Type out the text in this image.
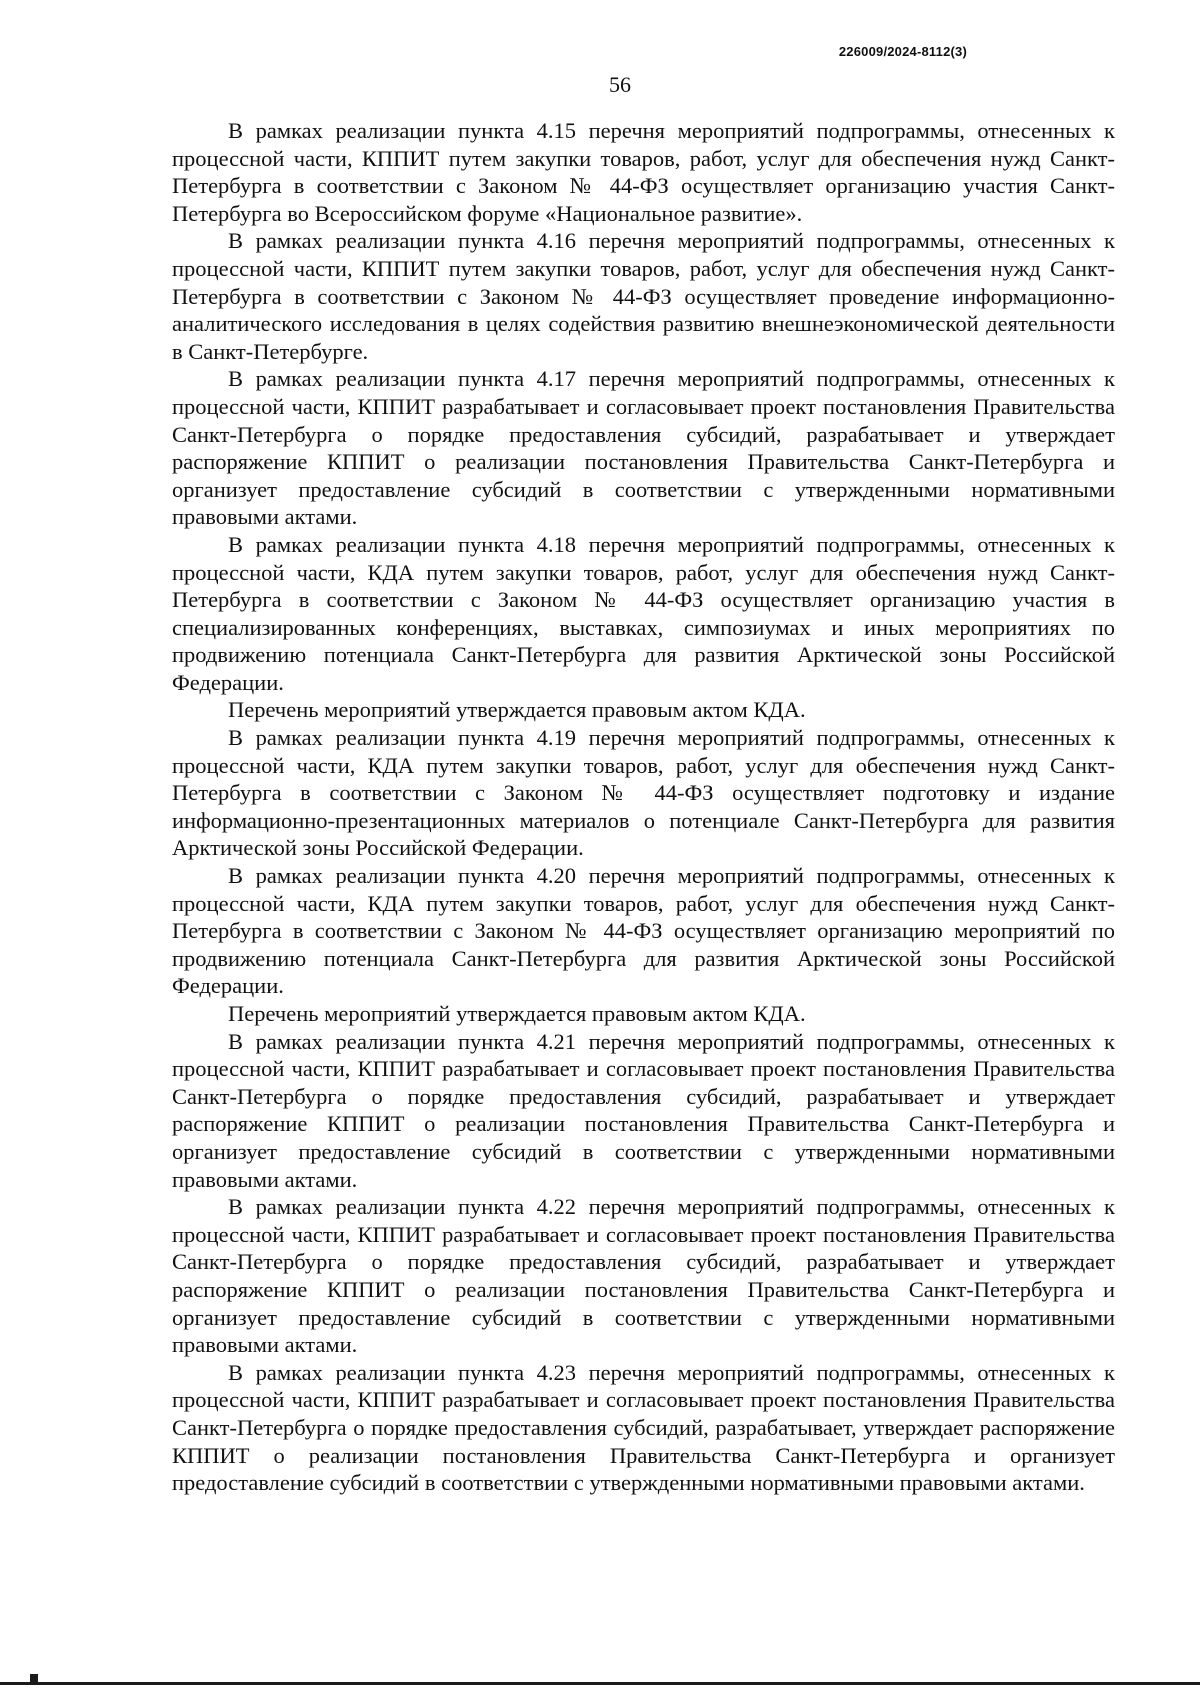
226009/2024-8112(3)
56

В рамках реализации пункта 4.15 перечня мероприятий подпрограммы, отнесенных к процессной части, КППИТ путем закупки товаров, работ, услуг для обеспечения нужд Санкт-Петербурга в соответствии с Законом № 44-ФЗ осуществляет организацию участия Санкт-Петербурга во Всероссийском форуме «Национальное развитие».

В рамках реализации пункта 4.16 перечня мероприятий подпрограммы, отнесенных к процессной части, КППИТ путем закупки товаров, работ, услуг для обеспечения нужд Санкт-Петербурга в соответствии с Законом № 44-ФЗ осуществляет проведение информационно-аналитического исследования в целях содействия развитию внешнеэкономической деятельности в Санкт-Петербурге.

В рамках реализации пункта 4.17 перечня мероприятий подпрограммы, отнесенных к процессной части, КППИТ разрабатывает и согласовывает проект постановления Правительства Санкт-Петербурга о порядке предоставления субсидий, разрабатывает и утверждает распоряжение КППИТ о реализации постановления Правительства Санкт-Петербурга и организует предоставление субсидий в соответствии с утвержденными нормативными правовыми актами.

В рамках реализации пункта 4.18 перечня мероприятий подпрограммы, отнесенных к процессной части, КДА путем закупки товаров, работ, услуг для обеспечения нужд Санкт-Петербурга в соответствии с Законом № 44-ФЗ осуществляет организацию участия в специализированных конференциях, выставках, симпозиумах и иных мероприятиях по продвижению потенциала Санкт-Петербурга для развития Арктической зоны Российской Федерации.

Перечень мероприятий утверждается правовым актом КДА.

В рамках реализации пункта 4.19 перечня мероприятий подпрограммы, отнесенных к процессной части, КДА путем закупки товаров, работ, услуг для обеспечения нужд Санкт-Петербурга в соответствии с Законом № 44-ФЗ осуществляет подготовку и издание информационно-презентационных материалов о потенциале Санкт-Петербурга для развития Арктической зоны Российской Федерации.

В рамках реализации пункта 4.20 перечня мероприятий подпрограммы, отнесенных к процессной части, КДА путем закупки товаров, работ, услуг для обеспечения нужд Санкт-Петербурга в соответствии с Законом № 44-ФЗ осуществляет организацию мероприятий по продвижению потенциала Санкт-Петербурга для развития Арктической зоны Российской Федерации.

Перечень мероприятий утверждается правовым актом КДА.

В рамках реализации пункта 4.21 перечня мероприятий подпрограммы, отнесенных к процессной части, КППИТ разрабатывает и согласовывает проект постановления Правительства Санкт-Петербурга о порядке предоставления субсидий, разрабатывает и утверждает распоряжение КППИТ о реализации постановления Правительства Санкт-Петербурга и организует предоставление субсидий в соответствии с утвержденными нормативными правовыми актами.

В рамках реализации пункта 4.22 перечня мероприятий подпрограммы, отнесенных к процессной части, КППИТ разрабатывает и согласовывает проект постановления Правительства Санкт-Петербурга о порядке предоставления субсидий, разрабатывает и утверждает распоряжение КППИТ о реализации постановления Правительства Санкт-Петербурга и организует предоставление субсидий в соответствии с утвержденными нормативными правовыми актами.

В рамках реализации пункта 4.23 перечня мероприятий подпрограммы, отнесенных к процессной части, КППИТ разрабатывает и согласовывает проект постановления Правительства Санкт-Петербурга о порядке предоставления субсидий, разрабатывает, утверждает распоряжение КППИТ о реализации постановления Правительства Санкт-Петербурга и организует предоставление субсидий в соответствии с утвержденными нормативными правовыми актами.
